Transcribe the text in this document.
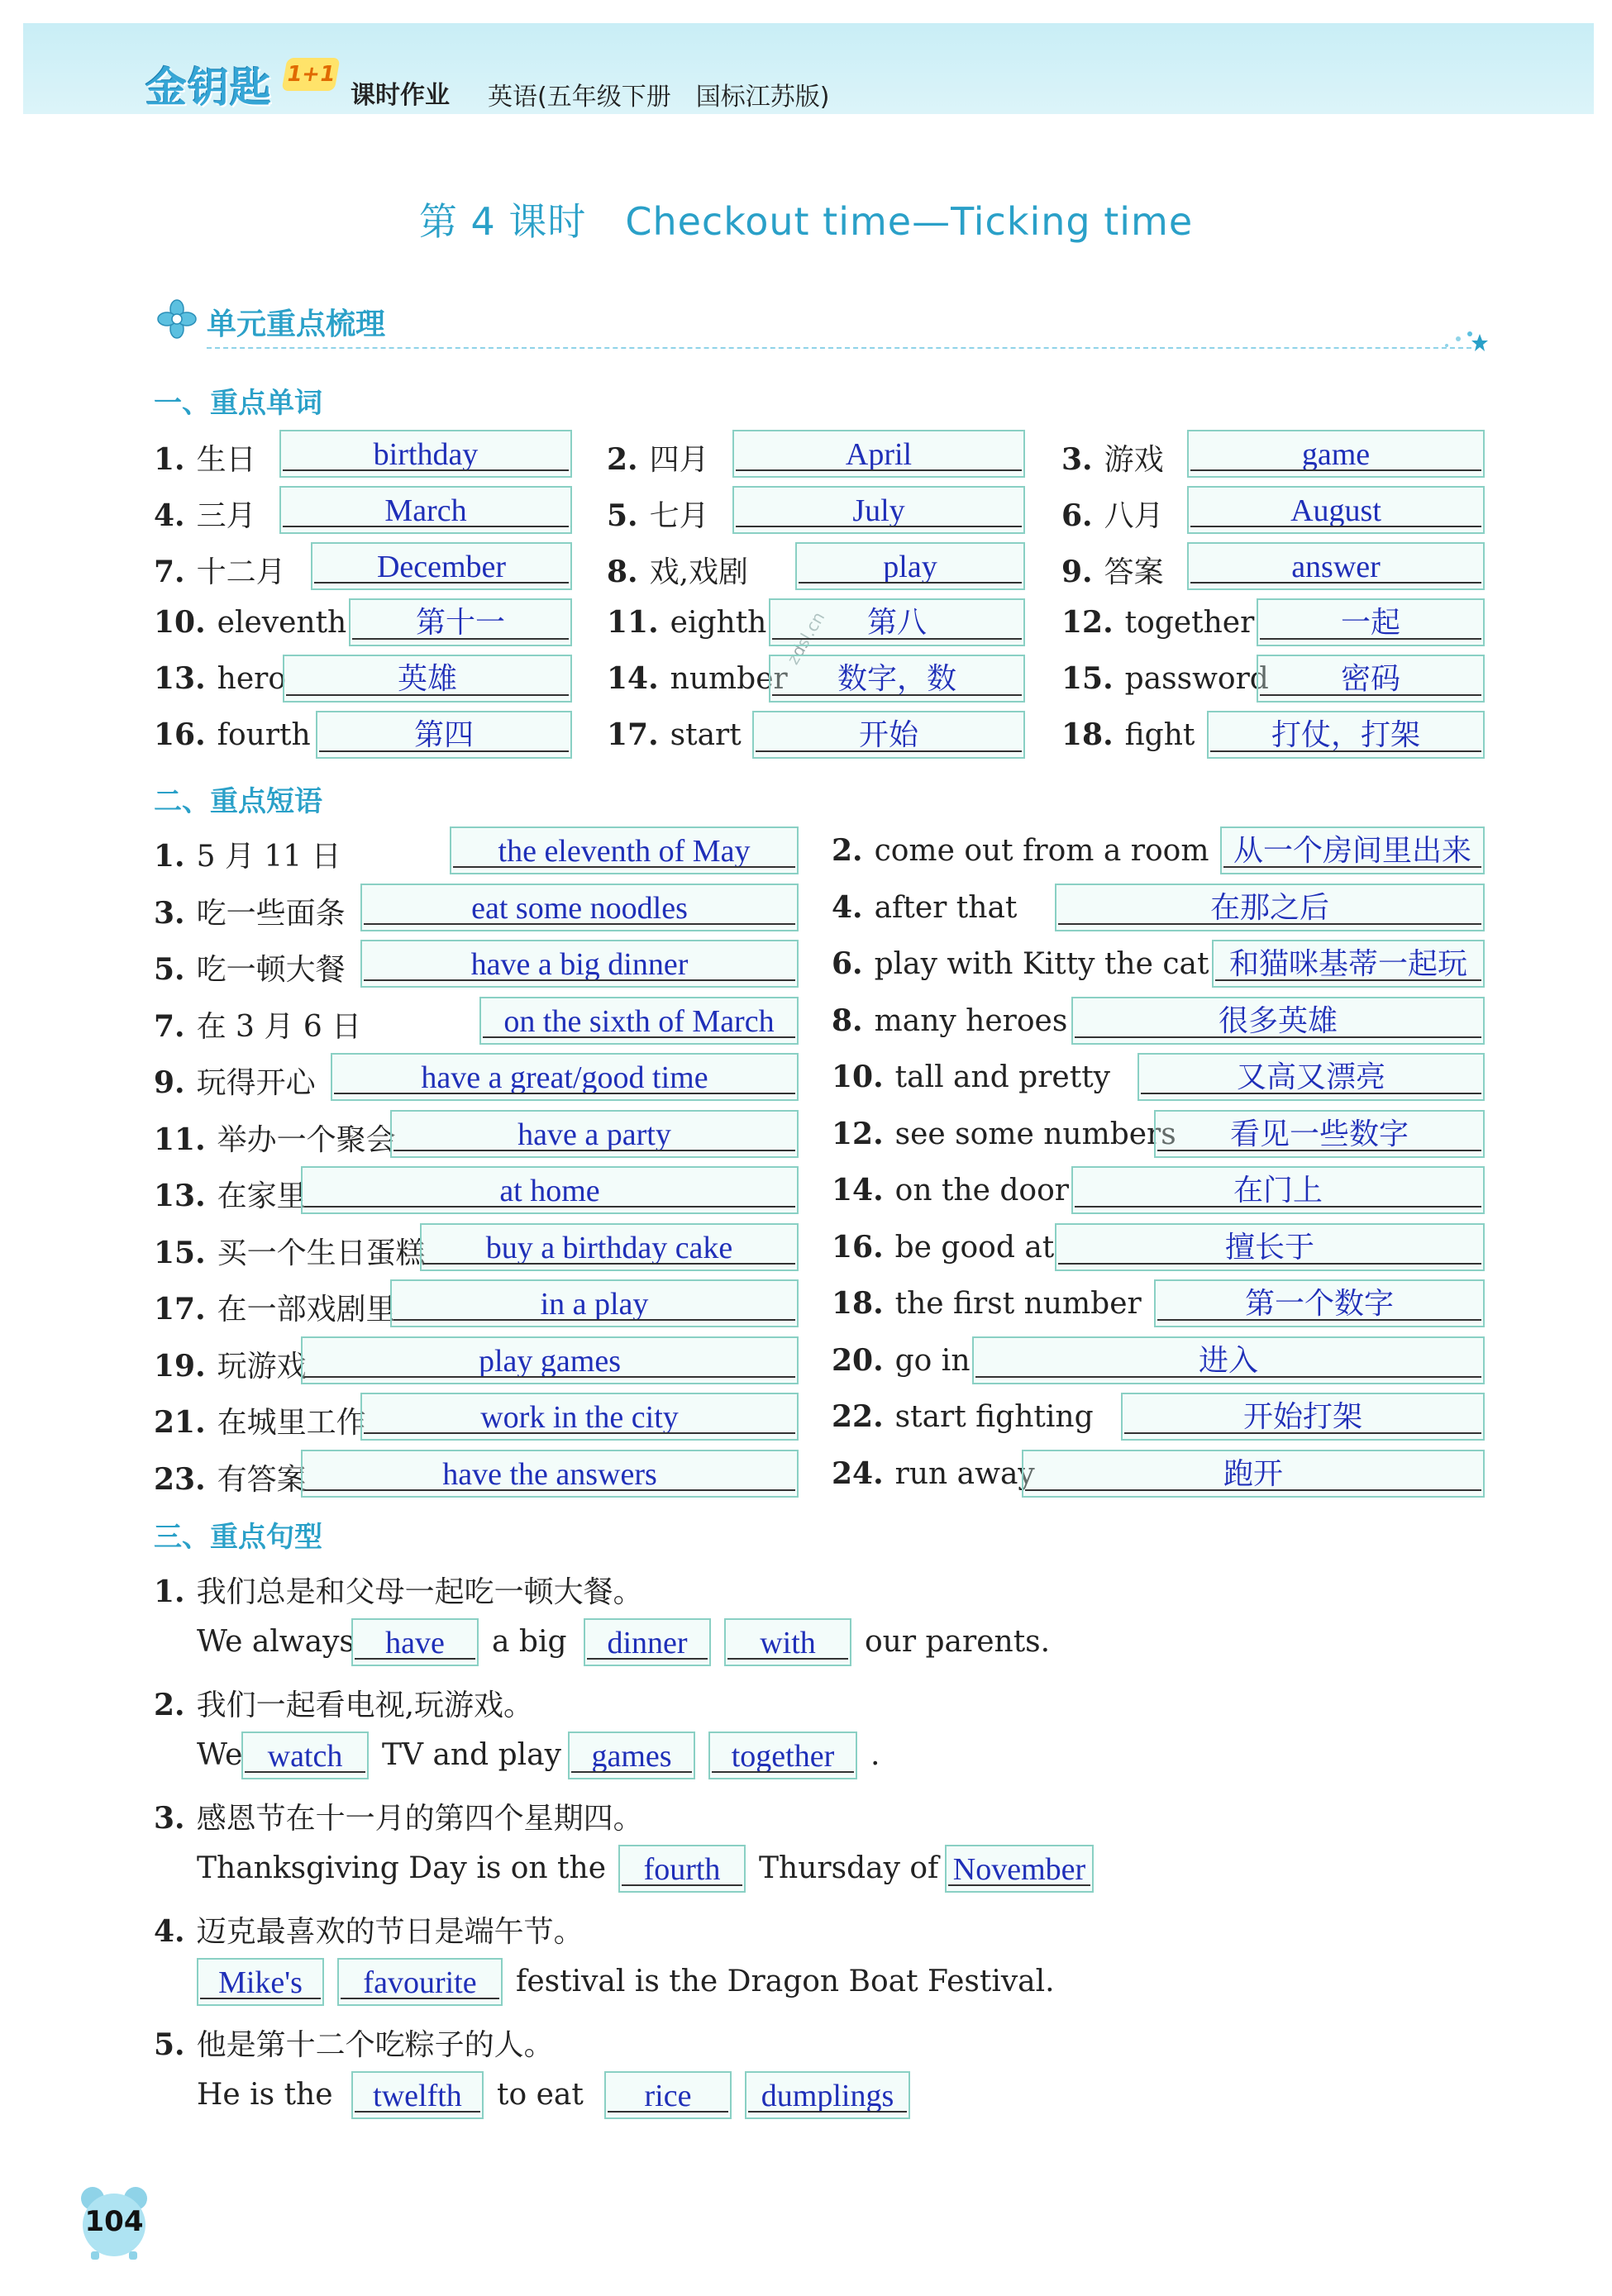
金钥匙 1+1
课时作业 英语(五年级下册　国标江苏版)
第 4 课时　Checkout time—Ticking time
单元重点梳理
zdsl.cn
一、重点单词
1. 生日	birthday	2. 四月	April	3. 游戏	game
4. 三月	March	5. 七月	July	6. 八月	August
7. 十二月	December	8. 戏,戏剧	play	9. 答案	answer
10. eleventh	第十一	11. eighth	第八	12. together	一起
13. hero	英雄	14. number	数字，数	15. password	密码
16. fourth	第四	17. start	开始	18. fight	打仗，打架
二、重点短语
1. 5 月 11 日	the eleventh of May	2. come out from a room 从一个房间里出来
3. 吃一些面条	eat some noodles	4. after that	在那之后
5. 吃一顿大餐	have a big dinner	6. play with Kitty the cat 和猫咪基蒂一起玩
7. 在 3 月 6 日	on the sixth of March	8. many heroes	很多英雄
9. 玩得开心	have a great/good time	10. tall and pretty	又高又漂亮
11. 举办一个聚会	have a party	12. see some numbers	看见一些数字
13. 在家里	at home	14. on the door	在门上
15. 买一个生日蛋糕	buy a birthday cake	16. be good at	擅长于
17. 在一部戏剧里	in a play	18. the first number	第一个数字
19. 玩游戏	play games	20. go in	进入
21. 在城里工作	work in the city	22. start fighting	开始打架
23. 有答案	have the answers	24. run away	跑开
三、重点句型
1. 我们总是和父母一起吃一顿大餐。
We always have	a big	dinner	with	our parents.
2. 我们一起看电视,玩游戏。
We watch	TV and play games	together	.
3. 感恩节在十一月的第四个星期四。
Thanksgiving Day is on the	fourth	Thursday of November
4. 迈克最喜欢的节日是端午节。
Mike's	favourite	festival is the Dragon Boat Festival.
5. 他是第十二个吃粽子的人。
He is the	twelfth	to eat	rice	dumplings
104
